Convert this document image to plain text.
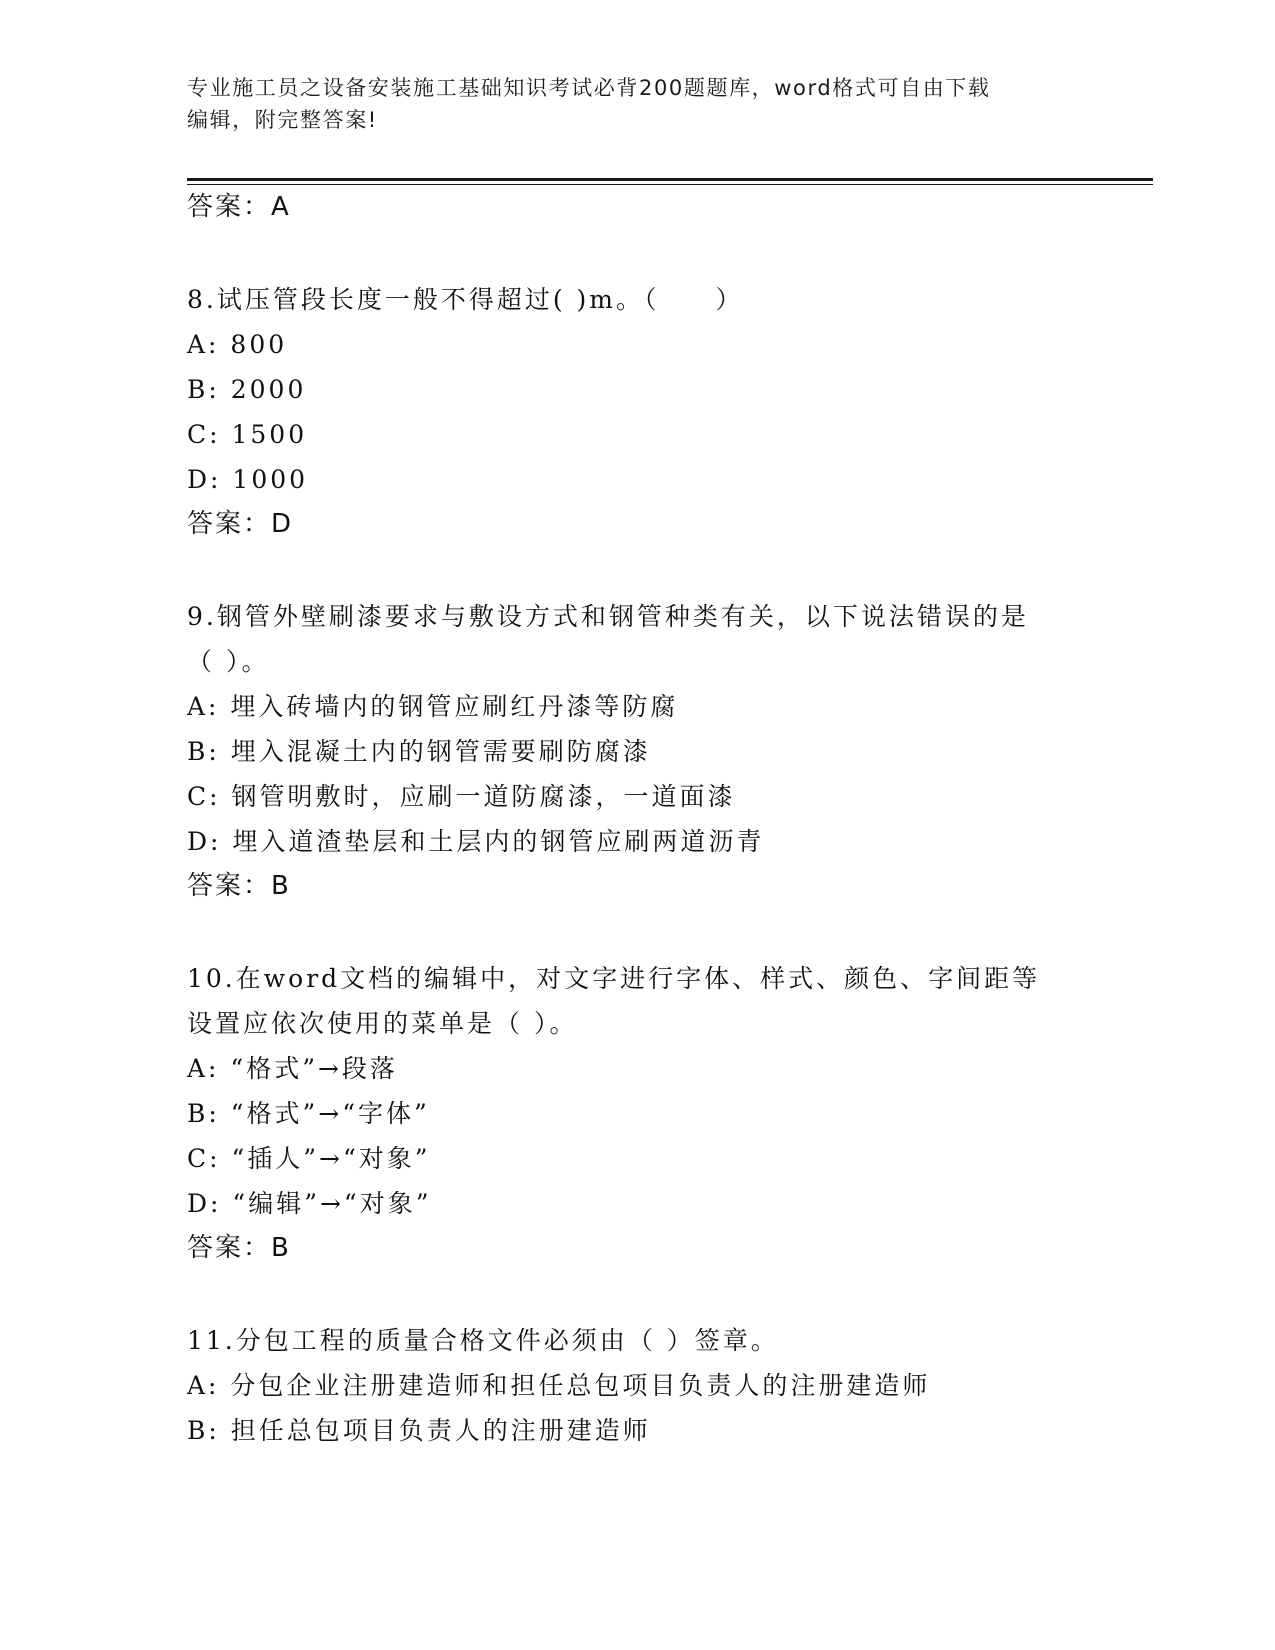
专业施工员之设备安装施工基础知识考试必背200题题库，word格式可自由下载
编辑，附完整答案!
答案：A
8.试压管段长度一般不得超过( )m。（　　）
A: 800
B: 2000
C: 1500
D: 1000
答案：D
9.钢管外壁刷漆要求与敷设方式和钢管种类有关，以下说法错误的是
（ ）。
A: 埋入砖墙内的钢管应刷红丹漆等防腐
B: 埋入混凝土内的钢管需要刷防腐漆
C: 钢管明敷时，应刷一道防腐漆，一道面漆
D: 埋入道渣垫层和土层内的钢管应刷两道沥青
答案：B
10.在word文档的编辑中，对文字进行字体、样式、颜色、字间距等
设置应依次使用的菜单是（ ）。
A: “格式”→段落
B: “格式”→“字体”
C: “插人”→“对象”
D: “编辑”→“对象”
答案：B
11.分包工程的质量合格文件必须由（ ）签章。
A: 分包企业注册建造师和担任总包项目负责人的注册建造师
B: 担任总包项目负责人的注册建造师
